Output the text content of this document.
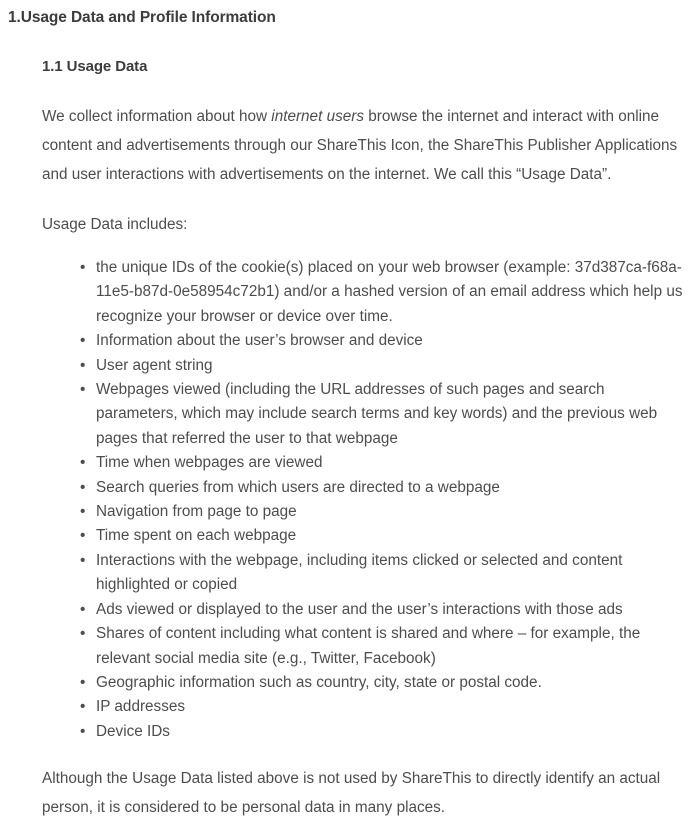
1.Usage Data and Profile Information
1.1 Usage Data

We collect information about how internet users browse the internet and interact with online content and advertisements through our ShareThis Icon, the ShareThis Publisher Applications and user interactions with advertisements on the internet. We call this “Usage Data”.

Usage Data includes:

• the unique IDs of the cookie(s) placed on your web browser (example: 37d387ca-f68a-11e5-b87d-0e58954c72b1) and/or a hashed version of an email address which help us recognize your browser or device over time.
• Information about the user’s browser and device
• User agent string
• Webpages viewed (including the URL addresses of such pages and search parameters, which may include search terms and key words) and the previous web pages that referred the user to that webpage
• Time when webpages are viewed
• Search queries from which users are directed to a webpage
• Navigation from page to page
• Time spent on each webpage
• Interactions with the webpage, including items clicked or selected and content highlighted or copied
• Ads viewed or displayed to the user and the user’s interactions with those ads
• Shares of content including what content is shared and where – for example, the relevant social media site (e.g., Twitter, Facebook)
• Geographic information such as country, city, state or postal code.
• IP addresses
• Device IDs

Although the Usage Data listed above is not used by ShareThis to directly identify an actual person, it is considered to be personal data in many places.
